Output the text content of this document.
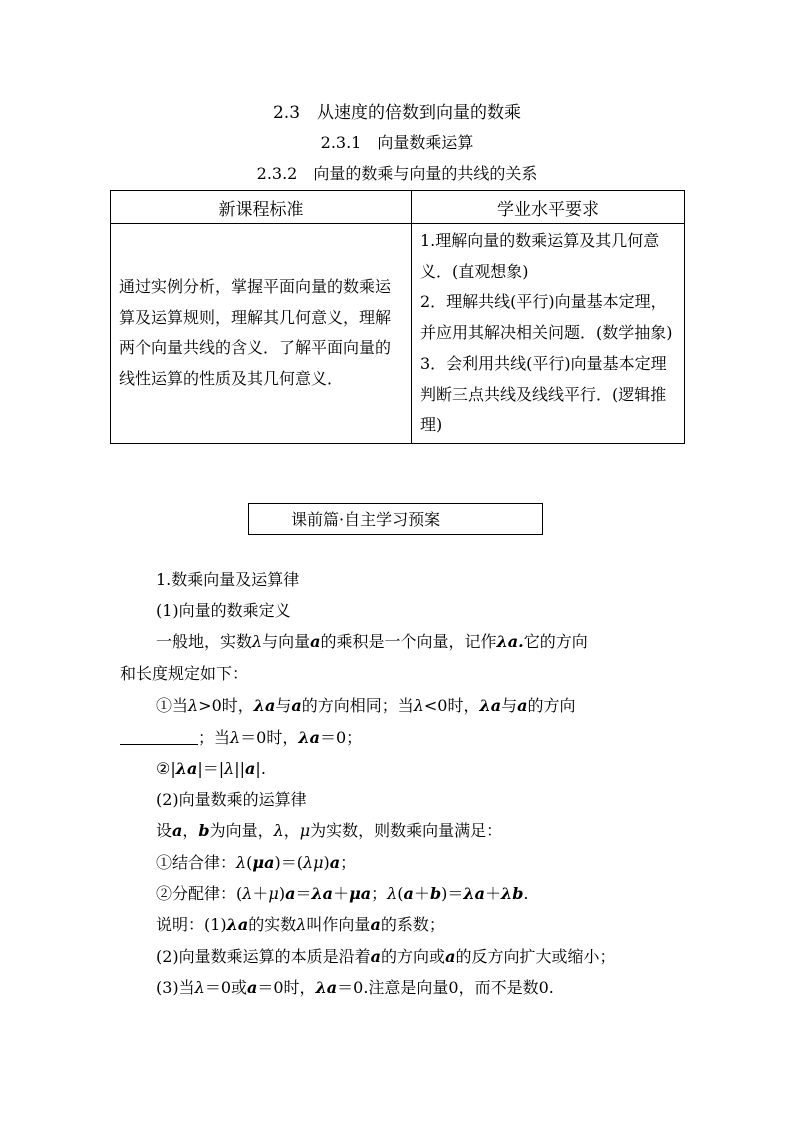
2.3　从速度的倍数到向量的数乘
2.3.1　向量数乘运算
2.3.2　向量的数乘与向量的共线的关系
新课程标准	学业水平要求
通过实例分析，掌握平面向量的数乘运算及运算规则，理解其几何意义，理解两个向量共线的含义．了解平面向量的线性运算的性质及其几何意义．	1.理解向量的数乘运算及其几何意义．(直观想象)
2．理解共线(平行)向量基本定理，并应用其解决相关问题．(数学抽象)
3．会利用共线(平行)向量基本定理判断三点共线及线线平行．(逻辑推理)
课前篇·自主学习预案
1.数乘向量及运算律
(1)向量的数乘定义
一般地，实数λ与向量a的乘积是一个向量，记作λa.它的方向
和长度规定如下：
①当λ>0时，λa与a的方向相同；当λ<0时，λa与a的方向
；当λ＝0时，λa＝0；
②|λa|＝|λ||a|.
(2)向量数乘的运算律
设a，b为向量，λ，μ为实数，则数乘向量满足：
①结合律：λ(μa)＝(λμ)a；
②分配律：(λ＋μ)a＝λa＋μa；λ(a＋b)＝λa＋λb.
说明：(1)λa的实数λ叫作向量a的系数；
(2)向量数乘运算的本质是沿着a的方向或a的反方向扩大或缩小；
(3)当λ＝0或a＝0时，λa＝0.注意是向量0，而不是数0.
